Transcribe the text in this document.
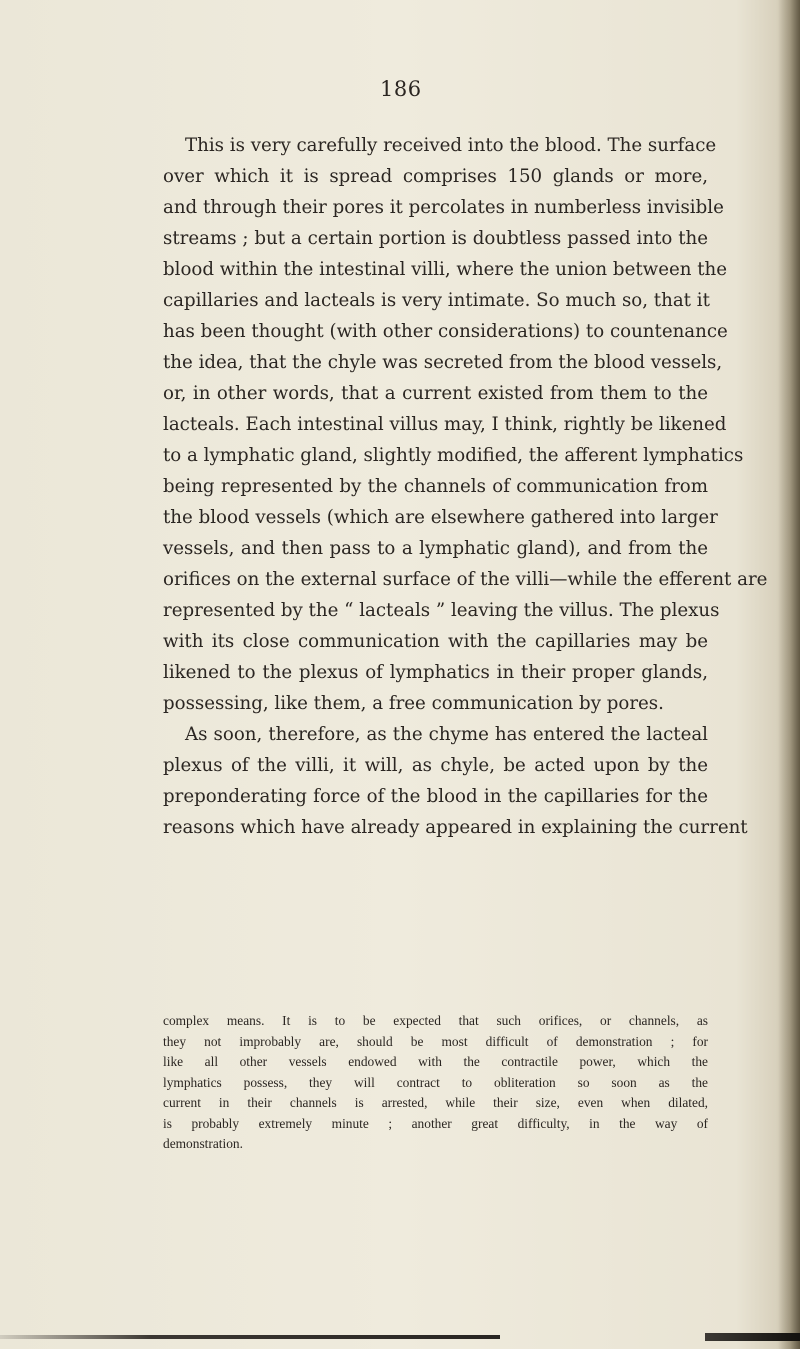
186
This is very carefully received into the blood. The surface
over which it is spread comprises 150 glands or more,
and through their pores it percolates in numberless invisible
streams ; but a certain portion is doubtless passed into the
blood within the intestinal villi, where the union between the
capillaries and lacteals is very intimate. So much so, that it
has been thought (with other considerations) to countenance
the idea, that the chyle was secreted from the blood vessels,
or, in other words, that a current existed from them to the
lacteals. Each intestinal villus may, I think, rightly be likened
to a lymphatic gland, slightly modified, the afferent lymphatics
being represented by the channels of communication from
the blood vessels (which are elsewhere gathered into larger
vessels, and then pass to a lymphatic gland), and from the
orifices on the external surface of the villi—while the efferent are
represented by the “ lacteals ” leaving the villus. The plexus
with its close communication with the capillaries may be
likened to the plexus of lymphatics in their proper glands,
possessing, like them, a free communication by pores.
As soon, therefore, as the chyme has entered the lacteal
plexus of the villi, it will, as chyle, be acted upon by the
preponderating force of the blood in the capillaries for the
reasons which have already appeared in explaining the current
complex means. It is to be expected that such orifices, or channels, as
they not improbably are, should be most difficult of demonstration ; for
like all other vessels endowed with the contractile power, which the
lymphatics possess, they will contract to obliteration so soon as the
current in their channels is arrested, while their size, even when dilated,
is probably extremely minute ; another great difficulty, in the way of
demonstration.
